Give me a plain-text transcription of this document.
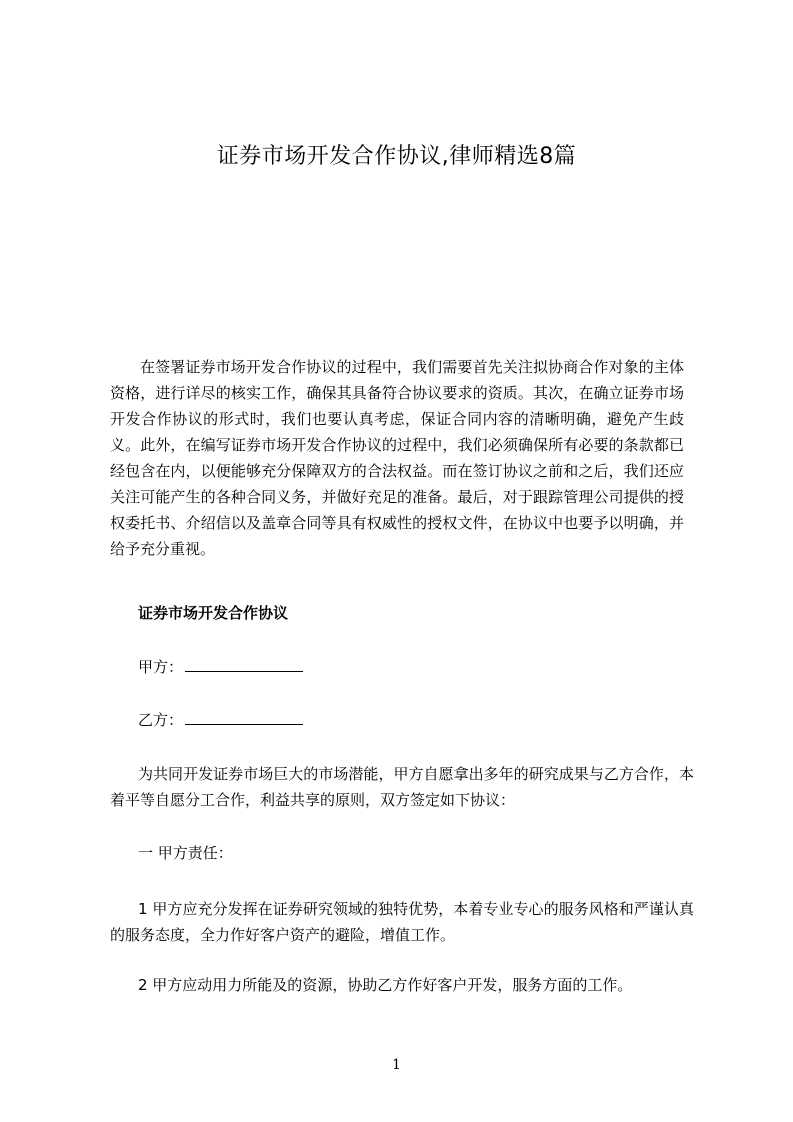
证券市场开发合作协议,律师精选8篇

在签署证券市场开发合作协议的过程中，我们需要首先关注拟协商合作对象的主体资格，进行详尽的核实工作，确保其具备符合协议要求的资质。其次，在确立证券市场开发合作协议的形式时，我们也要认真考虑，保证合同内容的清晰明确，避免产生歧义。此外，在编写证券市场开发合作协议的过程中，我们必须确保所有必要的条款都已经包含在内，以便能够充分保障双方的合法权益。而在签订协议之前和之后，我们还应关注可能产生的各种合同义务，并做好充足的准备。最后，对于跟踪管理公司提供的授权委托书、介绍信以及盖章合同等具有权威性的授权文件，在协议中也要予以明确，并给予充分重视。

证券市场开发合作协议

甲方：

乙方：

为共同开发证券市场巨大的市场潜能，甲方自愿拿出多年的研究成果与乙方合作，本着平等自愿分工合作，利益共享的原则，双方签定如下协议：

一 甲方责任：

1 甲方应充分发挥在证券研究领域的独特优势，本着专业专心的服务风格和严谨认真的服务态度，全力作好客户资产的避险，增值工作。

2 甲方应动用力所能及的资源，协助乙方作好客户开发，服务方面的工作。

1
